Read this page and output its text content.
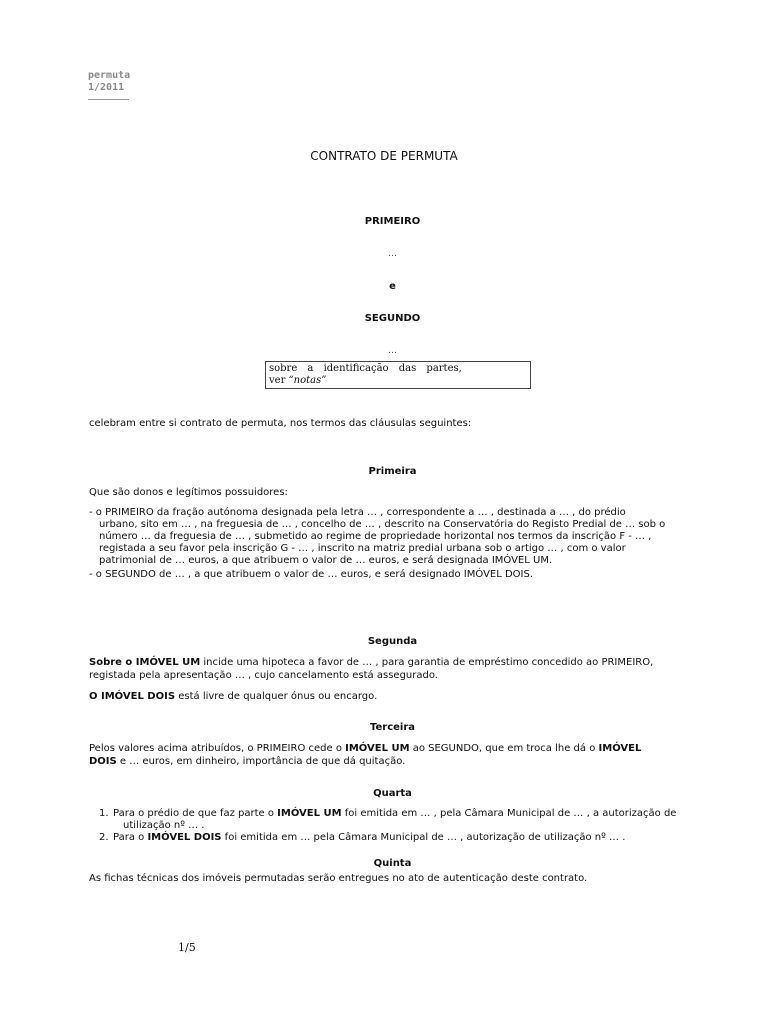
permuta
1/2011
CONTRATO DE PERMUTA
PRIMEIRO
…
e
SEGUNDO
…
sobre a identificação das partes,
ver “notas”
celebram entre si contrato de permuta, nos termos das cláusulas seguintes:
Primeira
Que são donos e legítimos possuidores:
- o PRIMEIRO da fração autónoma designada pela letra … , correspondente a … , destinada a … , do prédio
urbano, sito em … , na freguesia de … , concelho de … , descrito na Conservatória do Registo Predial de … sob o
número … da freguesia de … , submetido ao regime de propriedade horizontal nos termos da inscrição F - … ,
registada a seu favor pela inscrição G - … , inscrito na matriz predial urbana sob o artigo … , com o valor
patrimonial de … euros, a que atribuem o valor de … euros, e será designada IMÓVEL UM.
- o SEGUNDO de … , a que atribuem o valor de … euros, e será designado IMÓVEL DOIS.
Segunda
Sobre o IMÓVEL UM incide uma hipoteca a favor de … , para garantia de empréstimo concedido ao PRIMEIRO,
registada pela apresentação … , cujo cancelamento está assegurado.
O IMÓVEL DOIS está livre de qualquer ónus ou encargo.
Terceira
Pelos valores acima atribuídos, o PRIMEIRO cede o IMÓVEL UM ao SEGUNDO, que em troca lhe dá o IMÓVEL
DOIS e … euros, em dinheiro, importância de que dá quitação.
Quarta
1. Para o prédio de que faz parte o IMÓVEL UM foi emitida em … , pela Câmara Municipal de … , a autorização de
utilização nº … .
2. Para o IMÓVEL DOIS foi emitida em … pela Câmara Municipal de … , autorização de utilização nº … .
Quinta
As fichas técnicas dos imóveis permutadas serão entregues no ato de autenticação deste contrato.
1/5
